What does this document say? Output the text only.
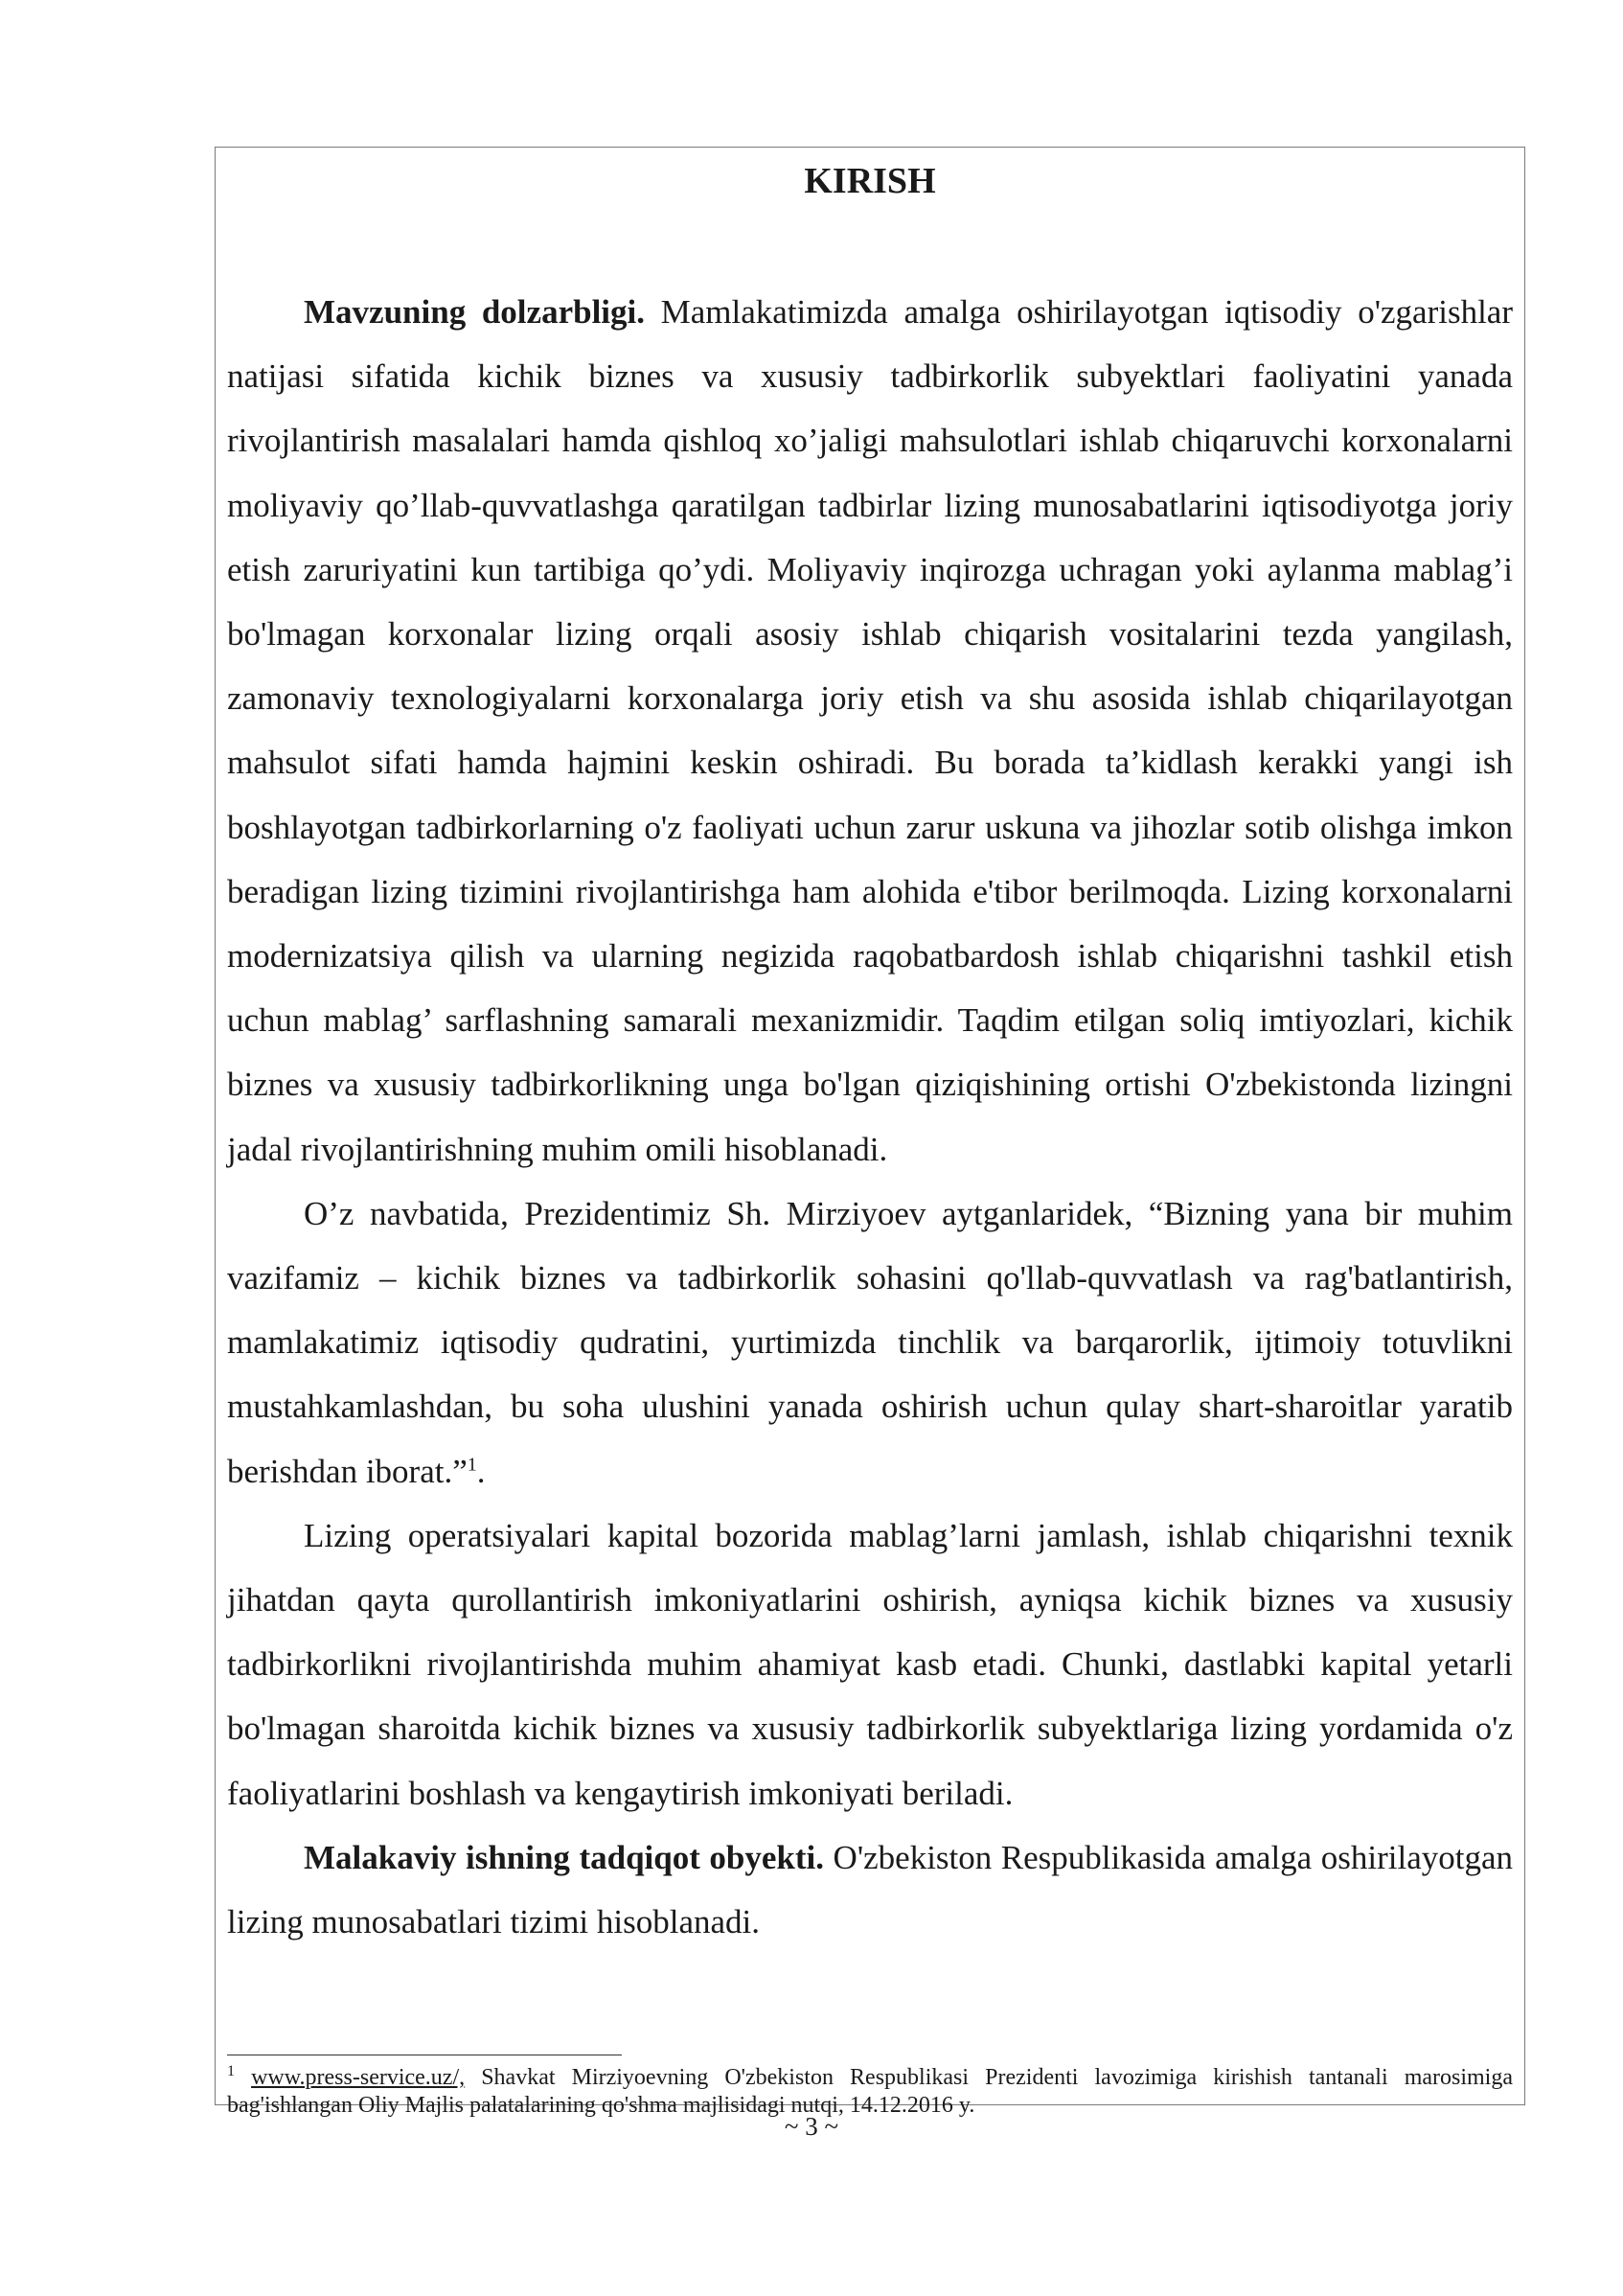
KIRISH

Mavzuning dolzarbligi. Mamlakatimizda amalga oshirilayotgan iqtisodiy o'zgarishlar natijasi sifatida kichik biznes va xususiy tadbirkorlik subyektlari faoliyatini yanada rivojlantirish masalalari hamda qishloq xo’jaligi mahsulotlari ishlab chiqaruvchi korxonalarni moliyaviy qo’llab-quvvatlashga qaratilgan tadbirlar lizing munosabatlarini iqtisodiyotga joriy etish zaruriyatini kun tartibiga qo’ydi. Moliyaviy inqirozga uchragan yoki aylanma mablag’i bo'lmagan korxonalar lizing orqali asosiy ishlab chiqarish vositalarini tezda yangilash, zamonaviy texnologiyalarni korxonalarga joriy etish va shu asosida ishlab chiqarilayotgan mahsulot sifati hamda hajmini keskin oshiradi. Bu borada ta’kidlash kerakki yangi ish boshlayotgan tadbirkorlarning o'z faoliyati uchun zarur uskuna va jihozlar sotib olishga imkon beradigan lizing tizimini rivojlantirishga ham alohida e'tibor berilmoqda. Lizing korxonalarni modernizatsiya qilish va ularning negizida raqobatbardosh ishlab chiqarishni tashkil etish uchun mablag’ sarflashning samarali mexanizmidir. Taqdim etilgan soliq imtiyozlari, kichik biznes va xususiy tadbirkorlikning unga bo'lgan qiziqishining ortishi O'zbekistonda lizingni jadal rivojlantirishning muhim omili hisoblanadi.

O’z navbatida, Prezidentimiz Sh. Mirziyoev aytganlaridek, “Bizning yana bir muhim vazifamiz – kichik biznes va tadbirkorlik sohasini qo'llab-quvvatlash va rag'batlantirish, mamlakatimiz iqtisodiy qudratini, yurtimizda tinchlik va barqarorlik, ijtimoiy totuvlikni mustahkamlashdan, bu soha ulushini yanada oshirish uchun qulay shart-sharoitlar yaratib berishdan iborat.”$^1$.

Lizing operatsiyalari kapital bozorida mablag’larni jamlash, ishlab chiqarishni texnik jihatdan qayta qurollantirish imkoniyatlarini oshirish, ayniqsa kichik biznes va xususiy tadbirkorlikni rivojlantirishda muhim ahamiyat kasb etadi. Chunki, dastlabki kapital yetarli bo'lmagan sharoitda kichik biznes va xususiy tadbirkorlik subyektlariga lizing yordamida o'z faoliyatlarini boshlash va kengaytirish imkoniyati beriladi.

Malakaviy ishning tadqiqot obyekti. O'zbekiston Respublikasida amalga oshirilayotgan lizing munosabatlari tizimi hisoblanadi.

$^1$ www.press-service.uz/, Shavkat Mirziyoevning O'zbekiston Respublikasi Prezidenti lavozimiga kirishish tantanali marosimiga bag'ishlangan Oliy Majlis palatalarining qo'shma majlisidagi nutqi, 14.12.2016 y.
~ 3 ~
